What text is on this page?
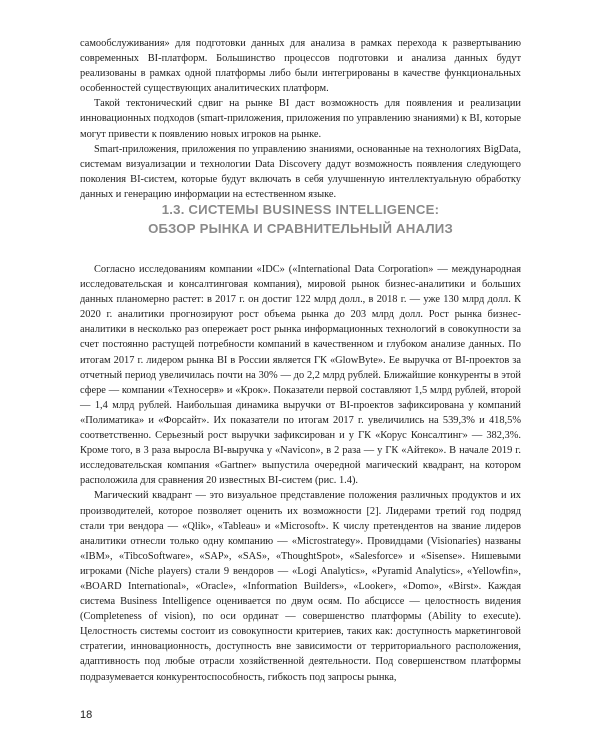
самообслуживания» для подготовки данных для анализа в рамках перехода к развертыванию современных BI-платформ. Большинство процессов подготовки и анализа данных будут реализованы в рамках одной платформы либо были интегрированы в качестве функциональных особенностей существующих аналитических платформ.

Такой тектонический сдвиг на рынке BI даст возможность для появления и реализации инновационных подходов (smart-приложения, приложения по управлению знаниями) к BI, которые могут привести к появлению новых игроков на рынке.

Smart-приложения, приложения по управлению знаниями, основанные на технологиях BigData, системам визуализации и технологии Data Discovery дадут возможность появления следующего поколения BI-систем, которые будут включать в себя улучшенную интеллектуальную обработку данных и генерацию информации на естественном языке.

1.3. СИСТЕМЫ BUSINESS INTELLIGENCE:
ОБЗОР РЫНКА И СРАВНИТЕЛЬНЫЙ АНАЛИЗ

Согласно исследованиям компании «IDC» («International Data Corporation» — международная исследовательская и консалтинговая компания), мировой рынок бизнес-аналитики и больших данных планомерно растет: в 2017 г. он достиг 122 млрд долл., в 2018 г. — уже 130 млрд долл. К 2020 г. аналитики прогнозируют рост объема рынка до 203 млрд долл. Рост рынка бизнес-аналитики в несколько раз опережает рост рынка информационных технологий в совокупности за счет постоянно растущей потребности компаний в качественном и глубоком анализе данных. По итогам 2017 г. лидером рынка BI в России является ГК «GlowByte». Ее выручка от BI-проектов за отчетный период увеличилась почти на 30% — до 2,2 млрд рублей. Ближайшие конкуренты в этой сфере — компании «Техносерв» и «Крок». Показатели первой составляют 1,5 млрд рублей, второй — 1,4 млрд рублей. Наибольшая динамика выручки от BI-проектов зафиксирована у компаний «Полиматика» и «Форсайт». Их показатели по итогам 2017 г. увеличились на 539,3% и 418,5% соответственно. Серьезный рост выручки зафиксирован и у ГК «Корус Консалтинг» — 382,3%. Кроме того, в 3 раза выросла BI-выручка у «Navicon», в 2 раза — у ГК «Айтеко». В начале 2019 г. исследовательская компания «Gartner» выпустила очередной магический квадрант, на котором расположила для сравнения 20 известных BI-систем (рис. 1.4).

Магический квадрант — это визуальное представление положения различных продуктов и их производителей, которое позволяет оценить их возможности [2]. Лидерами третий год подряд стали три вендора — «Qlik», «Tableau» и «Microsoft». К числу претендентов на звание лидеров аналитики отнесли только одну компанию — «Microstrategy». Провидцами (Visionaries) названы «IBM», «TibcoSoftware», «SAP», «SAS», «ThoughtSpot», «Salesforce» и «Sisense». Нишевыми игроками (Niche players) стали 9 вендоров — «Logi Analytics», «Pyramid Analytics», «Yellowfin», «BOARD International», «Oracle», «Information Builders», «Looker», «Domo», «Birst». Каждая система Business Intelligence оценивается по двум осям. По абсциссе — целостность видения (Completeness of vision), по оси ординат — совершенство платформы (Ability to execute). Целостность системы состоит из совокупности критериев, таких как: доступность маркетинговой стратегии, инновационность, доступность вне зависимости от территориального расположения, адаптивность под любые отрасли хозяйственной деятельности. Под совершенством платформы подразумевается конкурентоспособность, гибкость под запросы рынка,

18
